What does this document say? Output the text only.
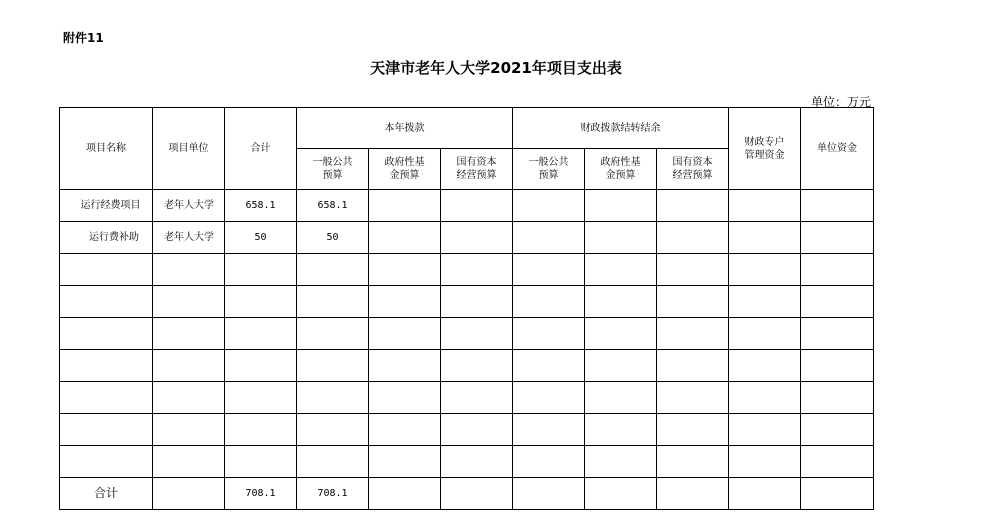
附件11
天津市老年人大学2021年项目支出表
单位：万元
项目名称	项目单位	合计	本年拨款			财政拨款结转结余			财政专户管理资金	单位资金
			一般公共预算	政府性基金预算	国有资本经营预算	一般公共预算	政府性基金预算	国有资本经营预算		
运行经费项目	老年人大学	658.1	658.1							
运行费补助	老年人大学	50	50							

合计		708.1	708.1							
